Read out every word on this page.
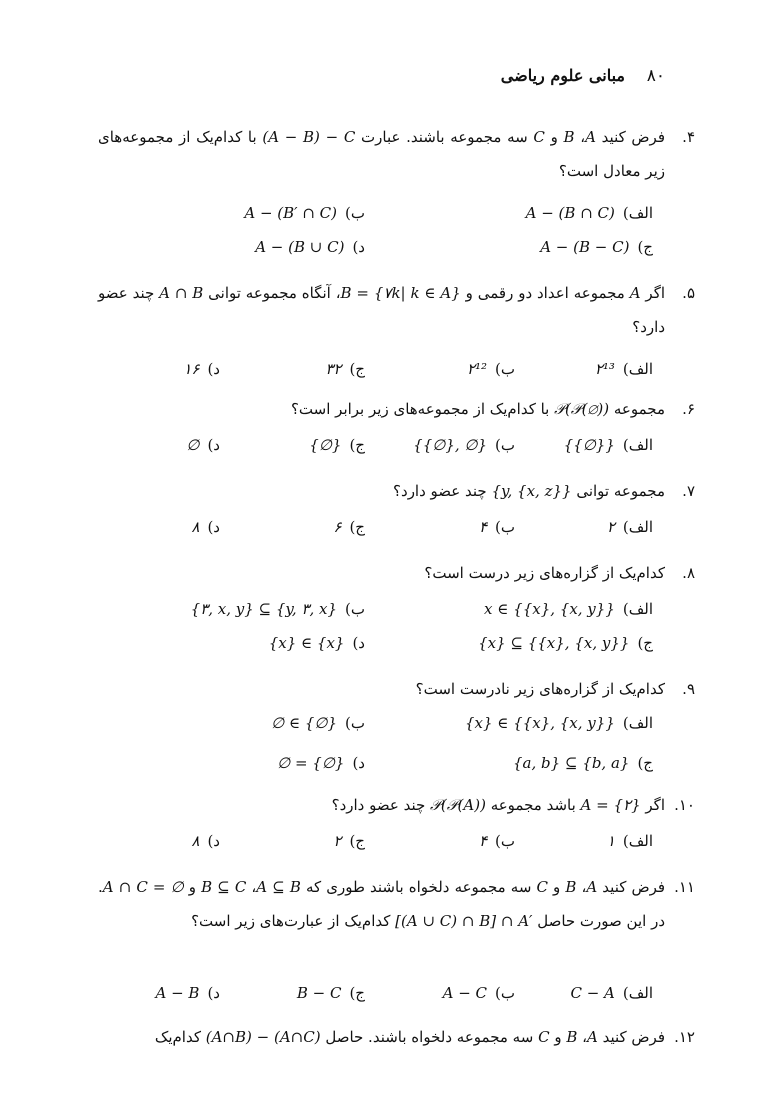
۸۰
مبانی علوم ریاضی
۴.
فرض کنید A، B و C سه مجموعه باشند. عبارت (A − B) − C با کدام‌یک از مجموعه‌های زیر معادل است؟
الف)A − (B ∩ C)
ب)A − (B′ ∩ C)
ج)A − (B − C)
د)A − (B ∪ C)
۵.
اگر A مجموعه اعداد دو رقمی و B = {۷k| k ∈ A}، آنگاه مجموعه توانی A ∩ B چند عضو دارد؟
الف)۲¹³
ب)۲¹²
ج)۳۲
د)۱۶
۶.
مجموعه 𝒫(𝒫(∅)) با کدام‌یک از مجموعه‌های زیر برابر است؟
الف){{∅}}
ب){{∅}, ∅}
ج){∅}
د)∅
۷.
مجموعه توانی {y, {x, z}} چند عضو دارد؟
الف)۲
ب)۴
ج)۶
د)۸
۸.
کدام‌یک از گزاره‌های زیر درست است؟
الف)x ∈ {{x}, {x, y}}
ب){۳, x, y} ⊆ {y, ۳, x}
ج){x} ⊆ {{x}, {x, y}}
د){x} ∈ {x}
۹.
کدام‌یک از گزاره‌های زیر نادرست است؟
الف){x} ∈ {{x}, {x, y}}
ب)∅ ∈ {∅}
ج){a, b} ⊆ {b, a}
د)∅ = {∅}
۱۰.
اگر A = {۲} باشد مجموعه 𝒫(𝒫(A)) چند عضو دارد؟
الف)۱
ب)۴
ج)۲
د)۸
۱۱.
فرض کنید A، B و C سه مجموعه دلخواه باشند طوری که A ⊆ B، B ⊆ C و A ∩ C = ∅. در این صورت حاصل [(A ∪ C) ∩ B] ∩ A′ کدام‌یک از عبارت‌های زیر است؟
الف)C − A
ب)A − C
ج)B − C
د)A − B
۱۲.
فرض کنید A، B و C سه مجموعه دلخواه باشند. حاصل (A∩B) − (A∩C) کدام‌یک
